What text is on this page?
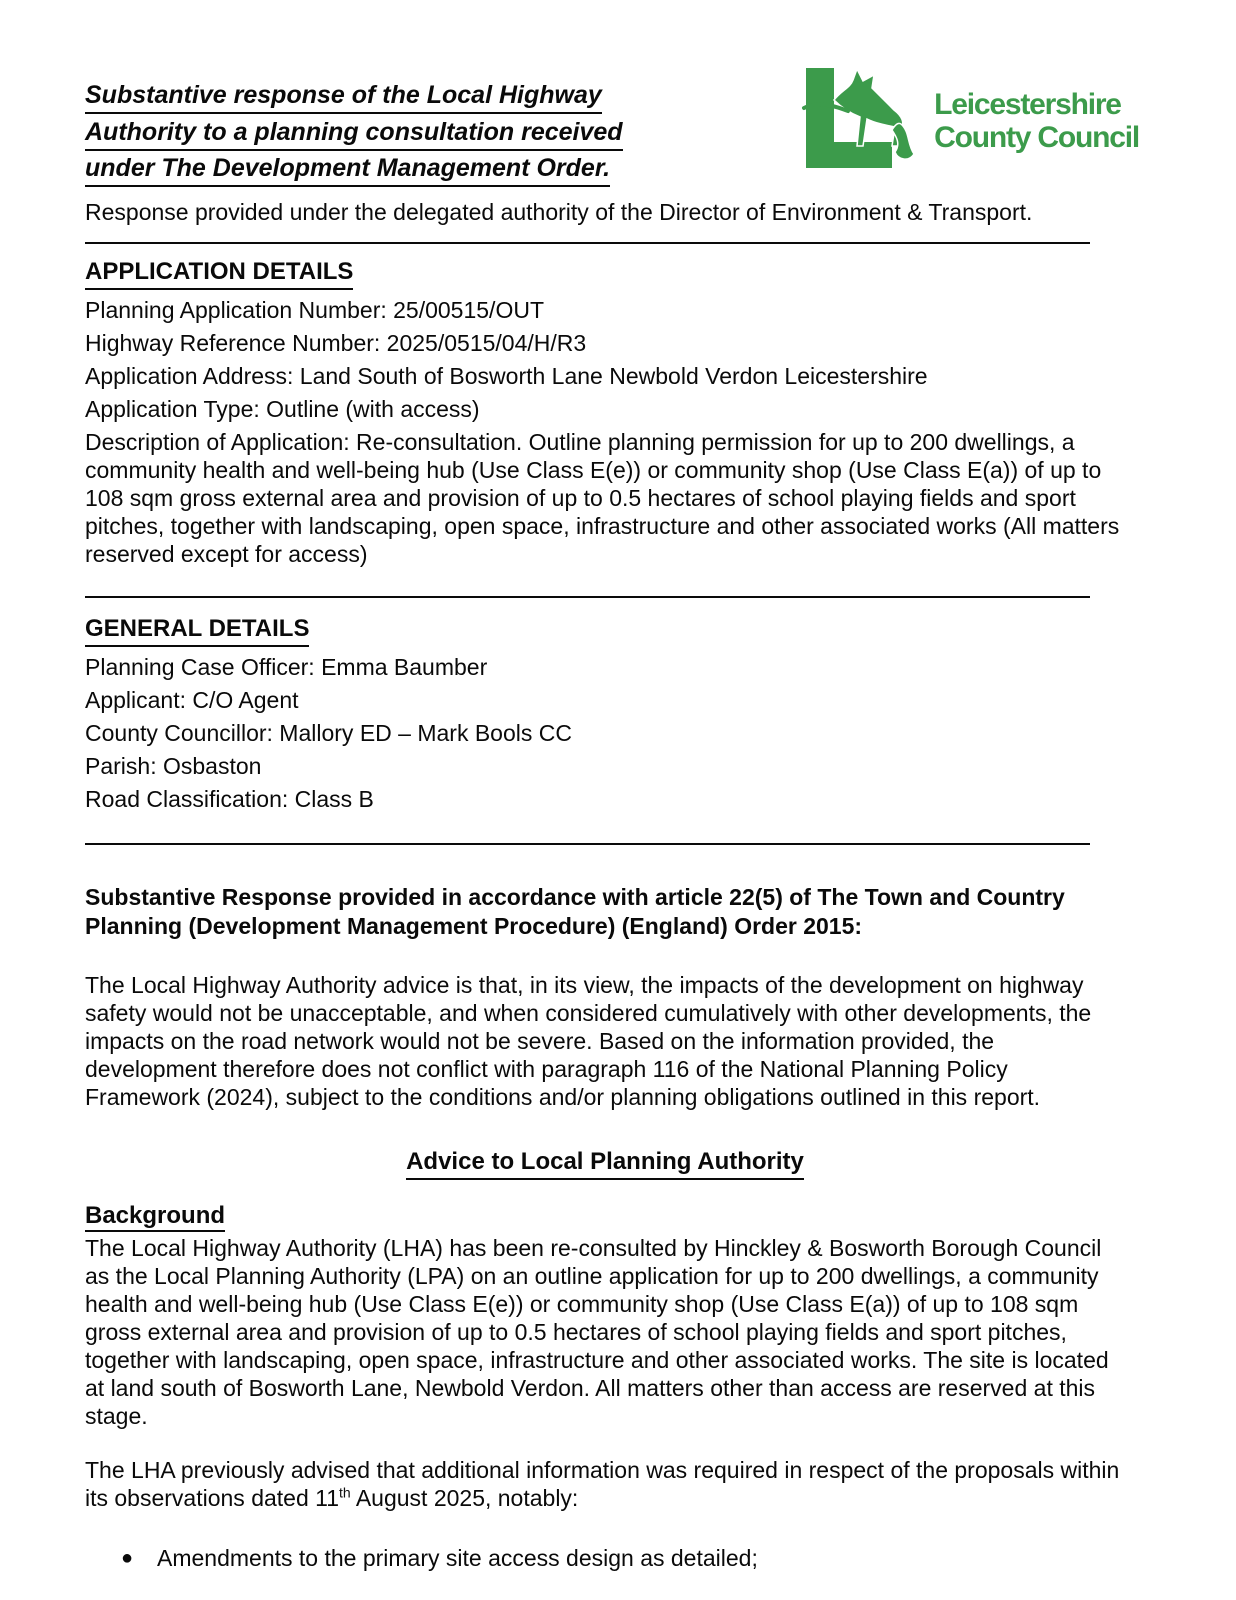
Substantive response of the Local Highway Authority to a planning consultation received under The Development Management Order.
Leicestershire
County Council

Response provided under the delegated authority of the Director of Environment & Transport.

APPLICATION DETAILS
Planning Application Number: 25/00515/OUT
Highway Reference Number: 2025/0515/04/H/R3
Application Address: Land South of Bosworth Lane Newbold Verdon Leicestershire
Application Type: Outline (with access)
Description of Application: Re-consultation. Outline planning permission for up to 200 dwellings, a community health and well-being hub (Use Class E(e)) or community shop (Use Class E(a)) of up to 108 sqm gross external area and provision of up to 0.5 hectares of school playing fields and sport pitches, together with landscaping, open space, infrastructure and other associated works (All matters reserved except for access)
GENERAL DETAILS
Planning Case Officer: Emma Baumber
Applicant: C/O Agent
County Councillor: Mallory ED – Mark Bools CC
Parish: Osbaston
Road Classification: Class B

Substantive Response provided in accordance with article 22(5) of The Town and Country Planning (Development Management Procedure) (England) Order 2015:

The Local Highway Authority advice is that, in its view, the impacts of the development on highway safety would not be unacceptable, and when considered cumulatively with other developments, the impacts on the road network would not be severe. Based on the information provided, the development therefore does not conflict with paragraph 116 of the National Planning Policy Framework (2024), subject to the conditions and/or planning obligations outlined in this report.

Advice to Local Planning Authority
Background

The Local Highway Authority (LHA) has been re-consulted by Hinckley & Bosworth Borough Council as the Local Planning Authority (LPA) on an outline application for up to 200 dwellings, a community health and well-being hub (Use Class E(e)) or community shop (Use Class E(a)) of up to 108 sqm gross external area and provision of up to 0.5 hectares of school playing fields and sport pitches, together with landscaping, open space, infrastructure and other associated works. The site is located at land south of Bosworth Lane, Newbold Verdon. All matters other than access are reserved at this stage.

The LHA previously advised that additional information was required in respect of the proposals within its observations dated 11th August 2025, notably:

●	Amendments to the primary site access design as detailed;
